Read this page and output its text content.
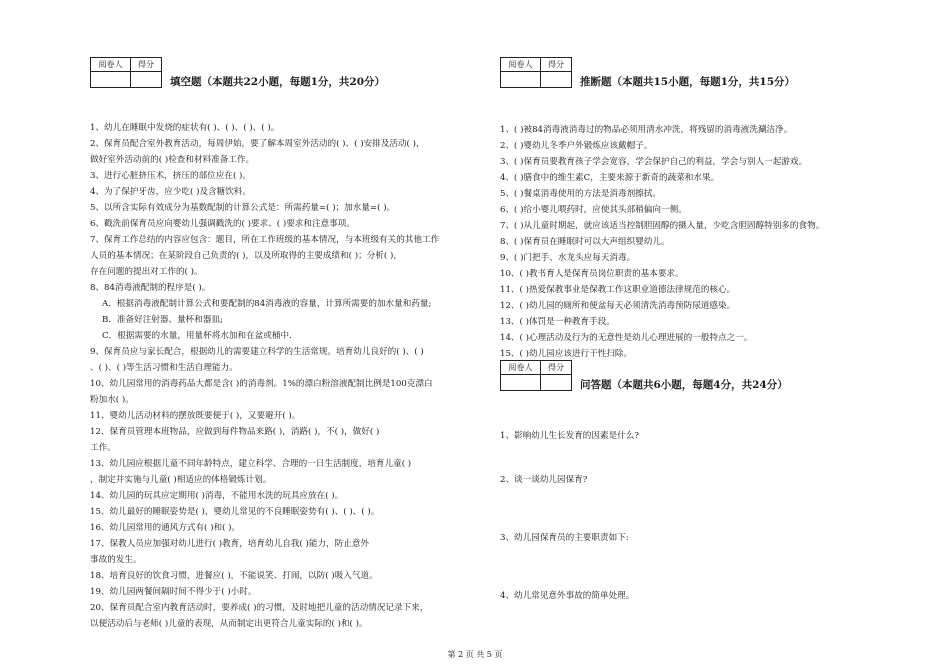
阅卷人	得分

填空题（本题共22小题，每题1分，共20分）
1、幼儿在睡眠中发烧的症状有( )、( )、( )、( )。
2、保育员配合室外教育活动，每周伊始，要了解本周室外活动的( )、( )安排及活动( )，
做好室外活动前的( )检查和材料准备工作。
3、进行心脏挤压术，挤压的部位应在( )。
4、为了保护牙齿，应少吃( )及含糖饮料。
5、以所含实际有效成分为基数配制的计算公式是：所需药量=( )；加水量=( )。
6、戳洗前保育员应向婴幼儿强调戳洗的( )要求、( )要求和注意事项。
7、保育工作总结的内容应包含：题目，所在工作班级的基本情况，与本班级有关的其他工作
人员的基本情况；在某阶段自己负责的( )，以及所取得的主要成绩和( )；分析( )，
存在问题的提出对工作的( )。
8、84消毒液配制的程序是( )。
A．根据消毒液配制计算公式和要配制的84消毒液的容量，计算所需要的加水量和药量;
B．准备好注射器、量杯和器皿;
C．根据需要的水量，用量杯将水加和在盆或桶中.
9、保育员应与家长配合，根据幼儿的需要建立科学的生活常规。培育幼儿良好的( )、( )
、( )、( )等生活习惯和生活自理能力。
10、幼儿园常用的消毒药品大都是含( )的消毒剂。1%的漂白粉溶液配制比例是100克漂白
粉加水( )。
11、婴幼儿活动材料的摆放既要便于( )，又要避开( )。
12、保育员管理本班物品，应做到每件物品来路( )，消路( )，不( )，做好( )
工作。
13、幼儿园应根据儿童不同年龄特点，建立科学、合理的一日生活制度，培育儿童( )
，制定并实施与儿童( )相适应的体格锻炼计划。
14、幼儿园的玩具应定期用( )消毒，不能用水洗的玩具应放在( )。
15、幼儿最好的睡眠姿势是( )，婴幼儿常见的不良睡眠姿势有( )、( )、( )。
16、幼儿园常用的通风方式有( )和( )。
17、保教人员应加强对幼儿进行( )教育，培育幼儿自我( )能力，防止意外
事故的发生。
18、培育良好的饮食习惯，进餐应( )，不能说笑、打闹，以防( )吸入气道。
19、幼儿园两餐间隔时间不得少于( )小时。
20、保育员配合室内教育活动时，要养成( )的习惯，及时地把儿童的活动情况记录下来，
以便活动后与老师( )儿童的表现，从而制定出更符合儿童实际的( )和( )。
阅卷人	得分

推断题（本题共15小题，每题1分，共15分）
1、( )被84消毒液消毒过的物品必须用清水冲洗，将残留的消毒液洗涮洁净。
2、( )婴幼儿冬季户外锻炼应该戴帽子。
3、( )保育员要教育孩子学会宽容，学会保护自己的利益，学会与别人一起游戏。
4、( )膳食中的维生素C，主要来源于新奇的蔬菜和水果。
5、( )餐桌消毒使用的方法是消毒剂擦拭。
6、( )给小婴儿喂药时，应使其头部稍偏向一侧。
7、( )从儿童时期起，就应该适当控制胆固醇的摄入量，少吃含胆固醇特别多的食物。
8、( )保育员在睡眠时可以大声组织婴幼儿。
9、( )门把手、水龙头应每天消毒。
10、( )教书育人是保育员岗位职责的基本要求。
11、( )热爱保教事业是保教工作这职业道德法律规范的核心。
12、( )幼儿园的厕所和便盆每天必须清洗消毒预防尿道感染。
13、( )体罚是一种教育手段。
14、( )心理活动及行为的无意性是幼儿心理进展的一般特点之一。
15、( )幼儿园应该进行干性扫除。
阅卷人	得分

问答题（本题共6小题，每题4分，共24分）
1、影响幼儿生长发育的因素是什么?
2、谈一谈幼儿园保育?
3、幼儿园保育员的主要职责如下:
4、幼儿常见意外事故的简单处理。
第 2 页 共 5 页
